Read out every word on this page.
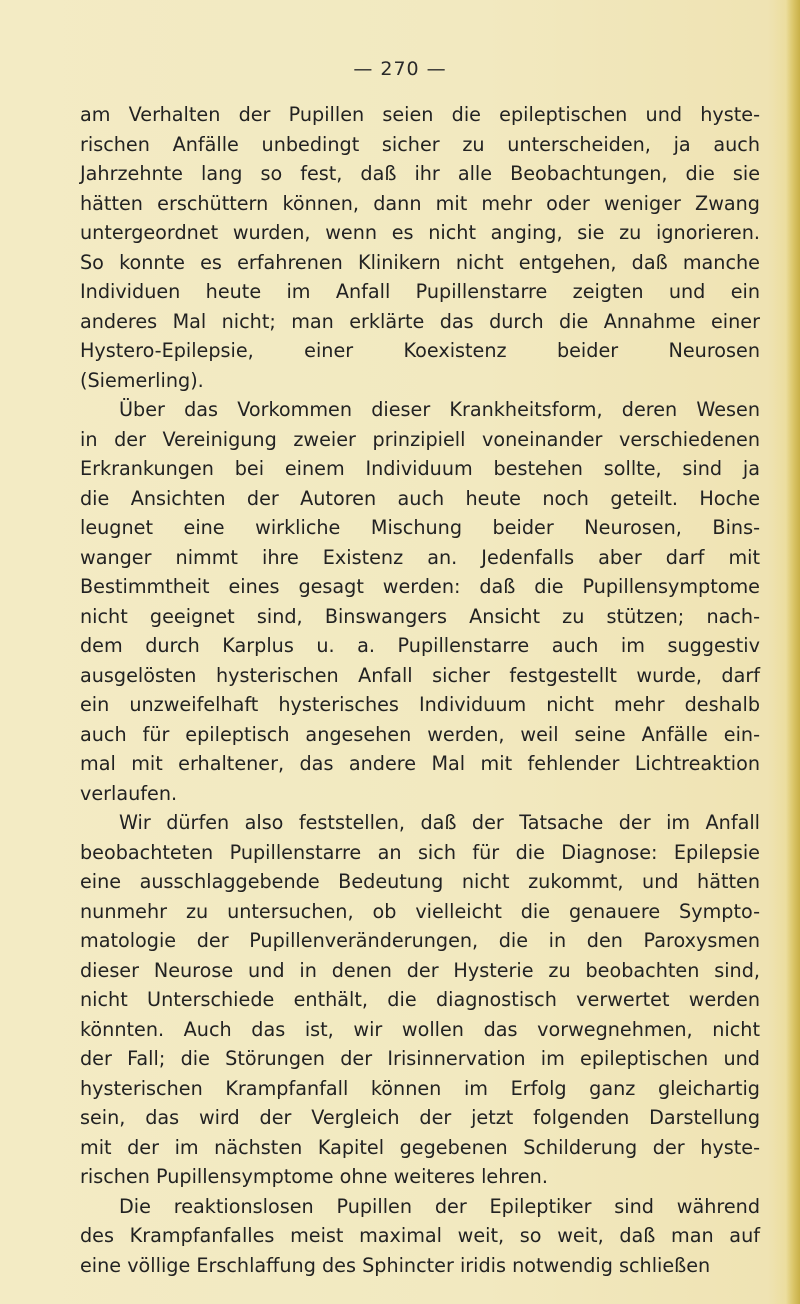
— 270 —
am Verhalten der Pupillen seien die epileptischen und hyste-
rischen Anfälle unbedingt sicher zu unterscheiden, ja auch
Jahrzehnte lang so fest, daß ihr alle Beobachtungen, die sie
hätten erschüttern können, dann mit mehr oder weniger Zwang
untergeordnet wurden, wenn es nicht anging, sie zu ignorieren.
So konnte es erfahrenen Klinikern nicht entgehen, daß manche
Individuen heute im Anfall Pupillenstarre zeigten und ein
anderes Mal nicht; man erklärte das durch die Annahme einer
Hystero-Epilepsie, einer Koexistenz beider Neurosen
(Siemerling).
Über das Vorkommen dieser Krankheitsform, deren Wesen
in der Vereinigung zweier prinzipiell voneinander verschiedenen
Erkrankungen bei einem Individuum bestehen sollte, sind ja
die Ansichten der Autoren auch heute noch geteilt. Hoche
leugnet eine wirkliche Mischung beider Neurosen, Bins-
wanger nimmt ihre Existenz an. Jedenfalls aber darf mit
Bestimmtheit eines gesagt werden: daß die Pupillensymptome
nicht geeignet sind, Binswangers Ansicht zu stützen; nach-
dem durch Karplus u. a. Pupillenstarre auch im suggestiv
ausgelösten hysterischen Anfall sicher festgestellt wurde, darf
ein unzweifelhaft hysterisches Individuum nicht mehr deshalb
auch für epileptisch angesehen werden, weil seine Anfälle ein-
mal mit erhaltener, das andere Mal mit fehlender Lichtreaktion
verlaufen.
Wir dürfen also feststellen, daß der Tatsache der im Anfall
beobachteten Pupillenstarre an sich für die Diagnose: Epilepsie
eine ausschlaggebende Bedeutung nicht zukommt, und hätten
nunmehr zu untersuchen, ob vielleicht die genauere Sympto-
matologie der Pupillenveränderungen, die in den Paroxysmen
dieser Neurose und in denen der Hysterie zu beobachten sind,
nicht Unterschiede enthält, die diagnostisch verwertet werden
könnten. Auch das ist, wir wollen das vorwegnehmen, nicht
der Fall; die Störungen der Irisinnervation im epileptischen und
hysterischen Krampfanfall können im Erfolg ganz gleichartig
sein, das wird der Vergleich der jetzt folgenden Darstellung
mit der im nächsten Kapitel gegebenen Schilderung der hyste-
rischen Pupillensymptome ohne weiteres lehren.
Die reaktionslosen Pupillen der Epileptiker sind während
des Krampfanfalles meist maximal weit, so weit, daß man auf
eine völlige Erschlaffung des Sphincter iridis notwendig schließen
